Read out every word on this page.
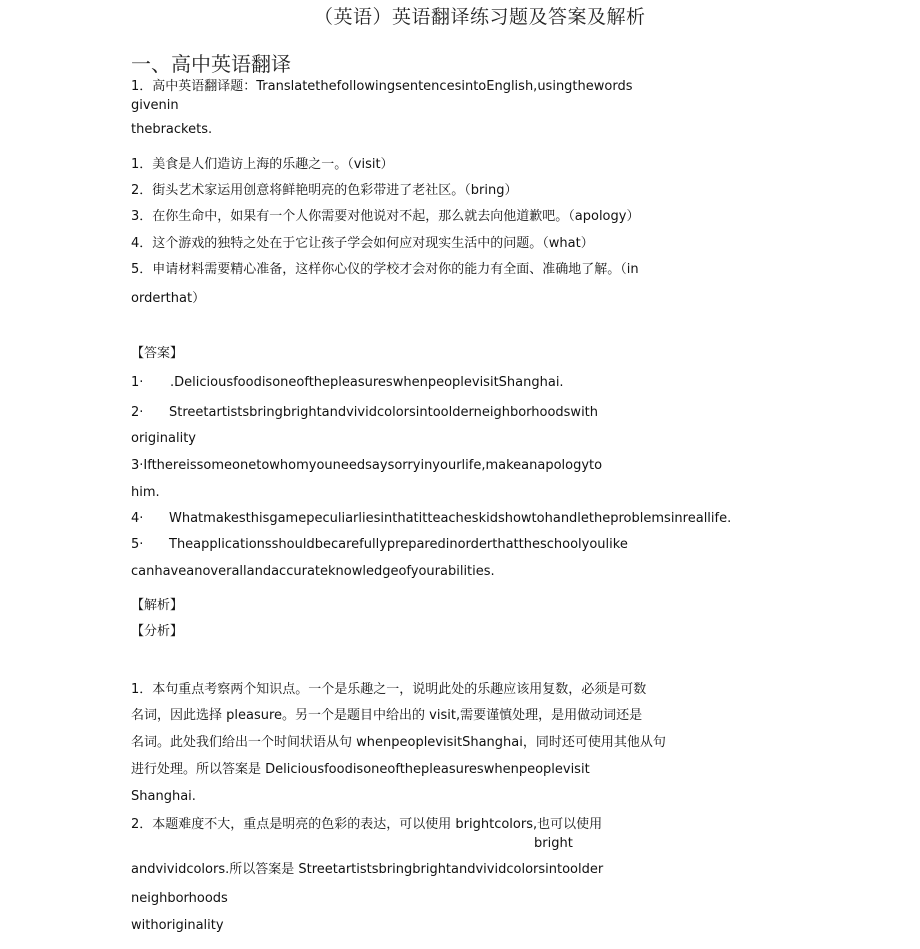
（英语）英语翻译练习题及答案及解析
一、高中英语翻译
1．高中英语翻译题：TranslatethefollowingsentencesintoEnglish,usingthewords
givenin
thebrackets.
1．美食是人们造访上海的乐趣之一。（visit）
2．街头艺术家运用创意将鲜艳明亮的色彩带进了老社区。（bring）
3．在你生命中，如果有一个人你需要对他说对不起，那么就去向他道歉吧。（apology）
4．这个游戏的独特之处在于它让孩子学会如何应对现实生活中的问题。（what）
5．申请材料需要精心准备，这样你心仪的学校才会对你的能力有全面、准确地了解。（in
orderthat）
【答案】
1· .DeliciousfoodisoneofthepleasureswhenpeoplevisitShanghai.
2· Streetartistsbringbrightandvividcolorsintoolderneighborhoodswith
originality
3·Iftherеissomeonetowhomyouneedsaysorryinyourlife,makeanapologyto
him.
4· Whatmakesthisgamepeculiarliesinthatitteacheskidshowtohandletheproblemsinreallife.
5· Theapplicationsshouldbecarefullypreparedinorderthattheschoolyoulike
canhaveanoverallandaccurateknowledgeofyourabilities.
【解析】
【分析】
1．本句重点考察两个知识点。一个是乐趣之一，说明此处的乐趣应该用复数，必须是可数
名词，因此选择 pleasure。另一个是题目中给出的 visit,需要谨慎处理，是用做动词还是
名词。此处我们给出一个时间状语从句 whenpeoplevisitShanghai，同时还可使用其他从句
进行处理。所以答案是 Deliciousfoodisoneofthepleasureswhenpeoplevisit
Shanghai.
2．本题难度不大，重点是明亮的色彩的表达，可以使用 brightcolors,也可以使用
bright
andvividcolors.所以答案是 Streetartistsbringbrightandvividcolorsintoolder
neighborhoods
withoriginality
